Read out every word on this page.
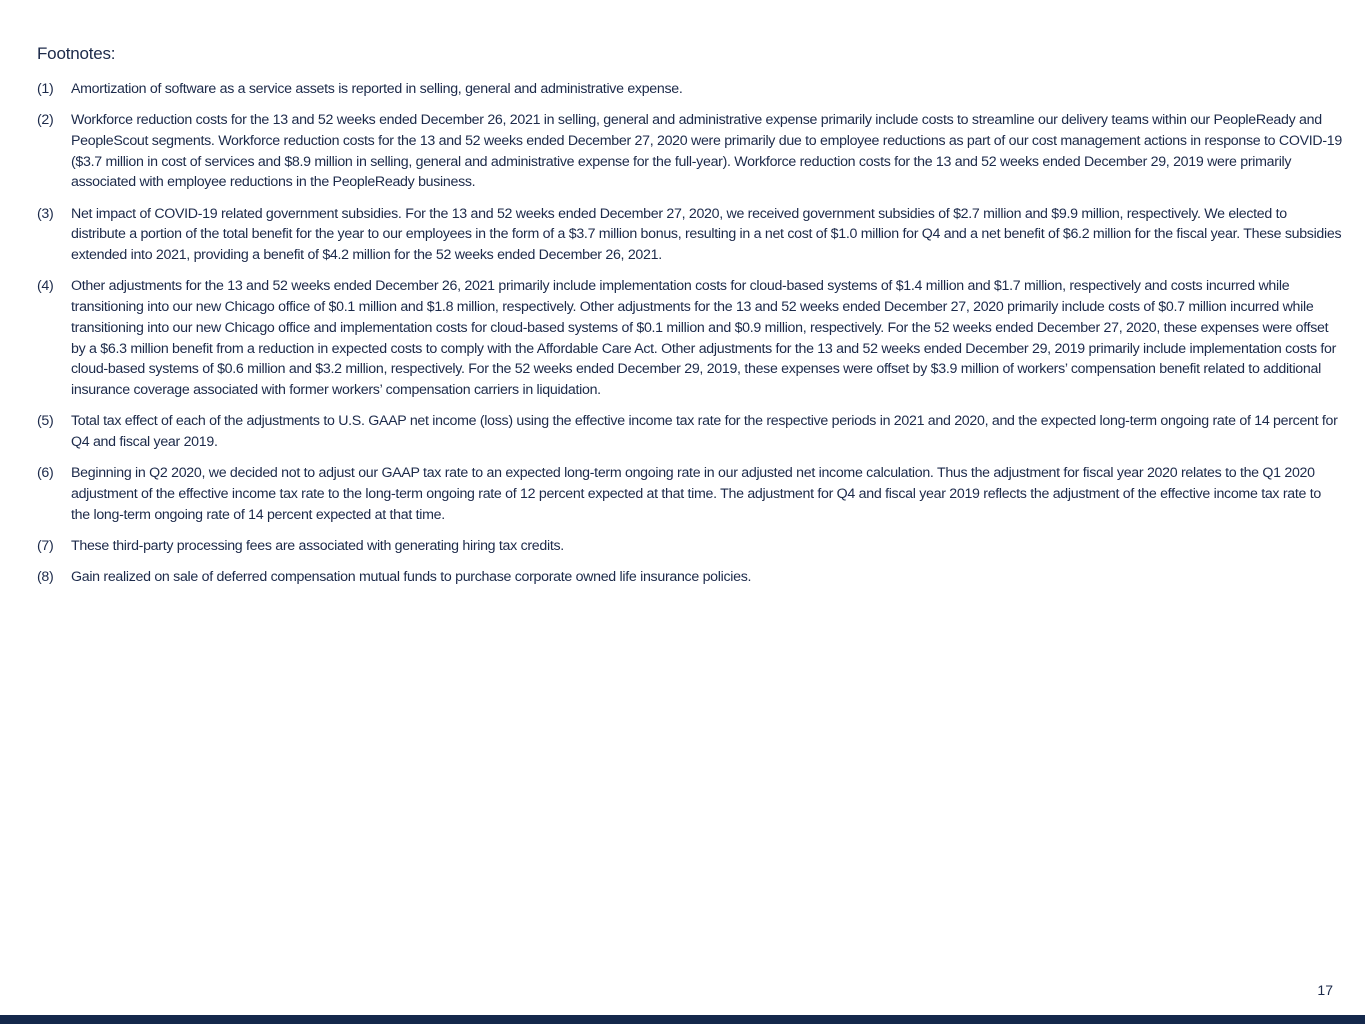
Footnotes:
(1)	Amortization of software as a service assets is reported in selling, general and administrative expense.
(2)	Workforce reduction costs for the 13 and 52 weeks ended December 26, 2021 in selling, general and administrative expense primarily include costs to streamline our delivery teams within our PeopleReady and PeopleScout segments. Workforce reduction costs for the 13 and 52 weeks ended December 27, 2020 were primarily due to employee reductions as part of our cost management actions in response to COVID-19 ($3.7 million in cost of services and $8.9 million in selling, general and administrative expense for the full-year). Workforce reduction costs for the 13 and 52 weeks ended December 29, 2019 were primarily associated with employee reductions in the PeopleReady business.
(3)	Net impact of COVID-19 related government subsidies. For the 13 and 52 weeks ended December 27, 2020, we received government subsidies of $2.7 million and $9.9 million, respectively. We elected to distribute a portion of the total benefit for the year to our employees in the form of a $3.7 million bonus, resulting in a net cost of $1.0 million for Q4 and a net benefit of $6.2 million for the fiscal year. These subsidies extended into 2021, providing a benefit of $4.2 million for the 52 weeks ended December 26, 2021.
(4)	Other adjustments for the 13 and 52 weeks ended December 26, 2021 primarily include implementation costs for cloud-based systems of $1.4 million and $1.7 million, respectively and costs incurred while transitioning into our new Chicago office of $0.1 million and $1.8 million, respectively. Other adjustments for the 13 and 52 weeks ended December 27, 2020 primarily include costs of $0.7 million incurred while transitioning into our new Chicago office and implementation costs for cloud-based systems of $0.1 million and $0.9 million, respectively. For the 52 weeks ended December 27, 2020, these expenses were offset by a $6.3 million benefit from a reduction in expected costs to comply with the Affordable Care Act. Other adjustments for the 13 and 52 weeks ended December 29, 2019 primarily include implementation costs for cloud-based systems of $0.6 million and $3.2 million, respectively. For the 52 weeks ended December 29, 2019, these expenses were offset by $3.9 million of workers’ compensation benefit related to additional insurance coverage associated with former workers’ compensation carriers in liquidation.
(5)	Total tax effect of each of the adjustments to U.S. GAAP net income (loss) using the effective income tax rate for the respective periods in 2021 and 2020, and the expected long-term ongoing rate of 14 percent for Q4 and fiscal year 2019.
(6)	Beginning in Q2 2020, we decided not to adjust our GAAP tax rate to an expected long-term ongoing rate in our adjusted net income calculation. Thus the adjustment for fiscal year 2020 relates to the Q1 2020 adjustment of the effective income tax rate to the long-term ongoing rate of 12 percent expected at that time. The adjustment for Q4 and fiscal year 2019 reflects the adjustment of the effective income tax rate to the long-term ongoing rate of 14 percent expected at that time.
(7)	These third-party processing fees are associated with generating hiring tax credits.
(8)	Gain realized on sale of deferred compensation mutual funds to purchase corporate owned life insurance policies.
17
